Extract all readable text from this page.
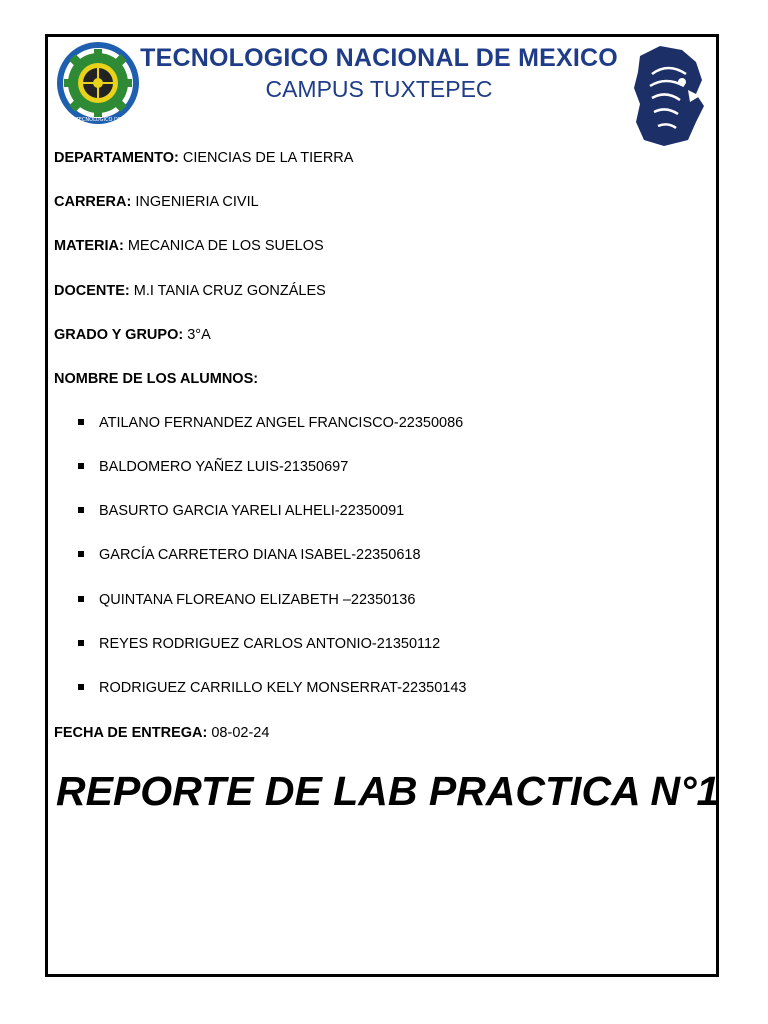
INSTITUTO TECNOLOGICO DE TUXTEPEC
TECNOLOGICO NACIONAL DE MEXICO
CAMPUS TUXTEPEC
DEPARTAMENTO: CIENCIAS DE LA TIERRA
CARRERA: INGENIERIA CIVIL
MATERIA: MECANICA DE LOS SUELOS
DOCENTE: M.I TANIA CRUZ GONZÁLES
GRADO Y GRUPO: 3°A
NOMBRE DE LOS ALUMNOS:
ATILANO FERNANDEZ ANGEL FRANCISCO-22350086
BALDOMERO YAÑEZ LUIS-21350697
BASURTO GARCIA YARELI ALHELI-22350091
GARCÍA CARRETERO DIANA ISABEL-22350618
QUINTANA FLOREANO ELIZABETH –22350136
REYES RODRIGUEZ CARLOS ANTONIO-21350112
RODRIGUEZ CARRILLO KELY MONSERRAT-22350143
FECHA DE ENTREGA: 08-02-24
REPORTE DE LAB PRACTICA N°1
